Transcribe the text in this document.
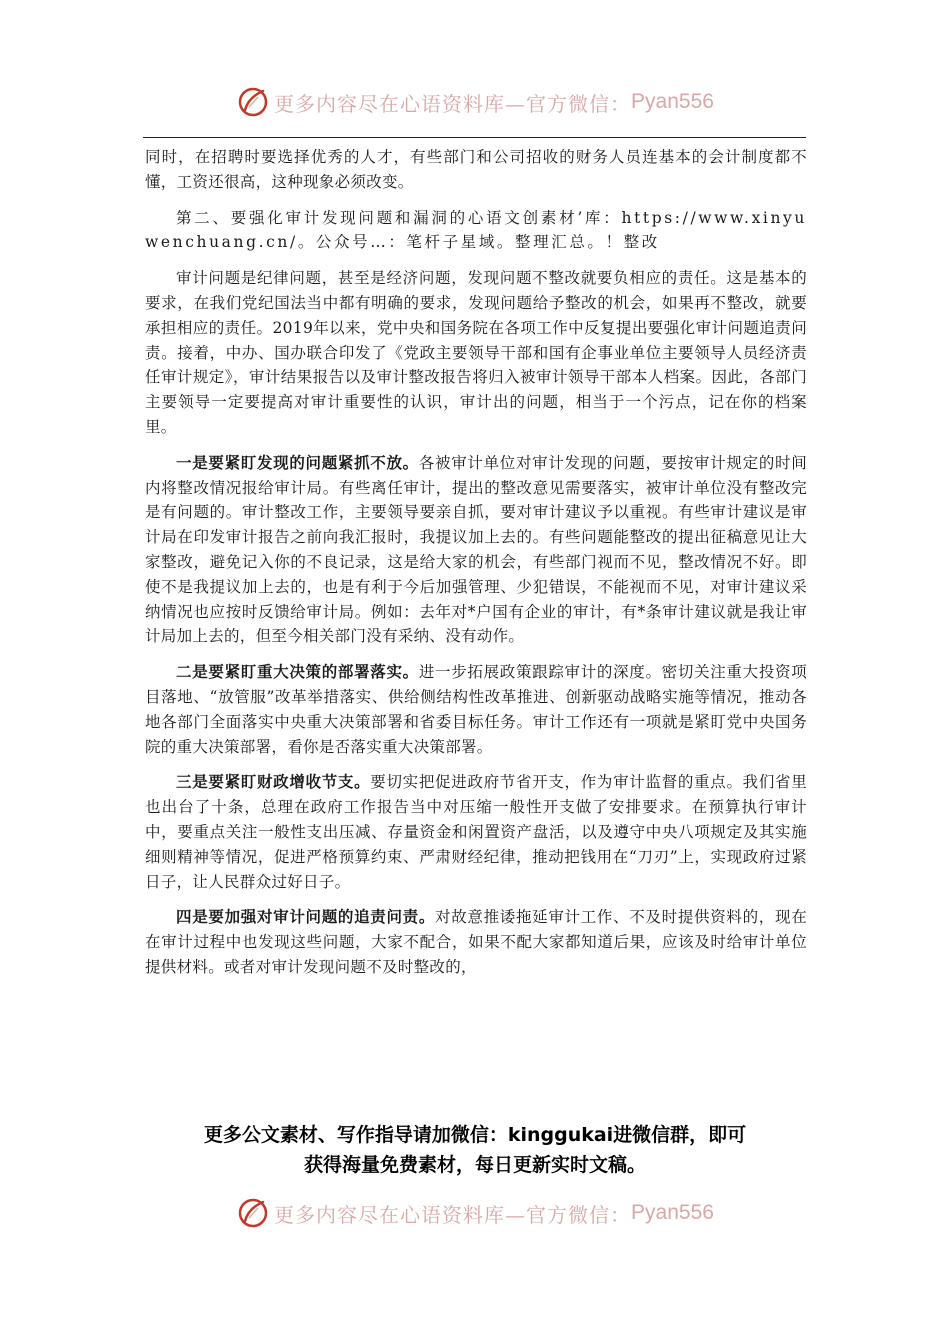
更多内容尽在心语资料库—官方微信： Pyan556

同时，在招聘时要选择优秀的人才，有些部门和公司招收的财务人员连基本的会计制度都不懂，工资还很高，这种现象必须改变。

第二、要强化审计发现问题和漏洞的心语文创素材’库：https://www.xinyuwenchuang.cn/。公众号…：笔杆子星域。整理汇总。！整改

审计问题是纪律问题，甚至是经济问题，发现问题不整改就要负相应的责任。这是基本的要求，在我们党纪国法当中都有明确的要求，发现问题给予整改的机会，如果再不整改，就要承担相应的责任。2019年以来，党中央和国务院在各项工作中反复提出要强化审计问题追责问责。接着，中办、国办联合印发了《党政主要领导干部和国有企事业单位主要领导人员经济责任审计规定》，审计结果报告以及审计整改报告将归入被审计领导干部本人档案。因此，各部门主要领导一定要提高对审计重要性的认识，审计出的问题，相当于一个污点，记在你的档案里。

一是要紧盯发现的问题紧抓不放。各被审计单位对审计发现的问题，要按审计规定的时间内将整改情况报给审计局。有些离任审计，提出的整改意见需要落实，被审计单位没有整改完是有问题的。审计整改工作，主要领导要亲自抓，要对审计建议予以重视。有些审计建议是审计局在印发审计报告之前向我汇报时，我提议加上去的。有些问题能整改的提出征稿意见让大家整改，避免记入你的不良记录，这是给大家的机会，有些部门视而不见，整改情况不好。即使不是我提议加上去的，也是有利于今后加强管理、少犯错误，不能视而不见，对审计建议采纳情况也应按时反馈给审计局。例如：去年对*户国有企业的审计，有*条审计建议就是我让审计局加上去的，但至今相关部门没有采纳、没有动作。

二是要紧盯重大决策的部署落实。进一步拓展政策跟踪审计的深度。密切关注重大投资项目落地、“放管服”改革举措落实、供给侧结构性改革推进、创新驱动战略实施等情况，推动各地各部门全面落实中央重大决策部署和省委目标任务。审计工作还有一项就是紧盯党中央国务院的重大决策部署，看你是否落实重大决策部署。

三是要紧盯财政增收节支。要切实把促进政府节省开支，作为审计监督的重点。我们省里也出台了十条，总理在政府工作报告当中对压缩一般性开支做了安排要求。在预算执行审计中，要重点关注一般性支出压减、存量资金和闲置资产盘活，以及遵守中央八项规定及其实施细则精神等情况，促进严格预算约束、严肃财经纪律，推动把钱用在“刀刃”上，实现政府过紧日子，让人民群众过好日子。

四是要加强对审计问题的追责问责。对故意推诿拖延审计工作、不及时提供资料的，现在在审计过程中也发现这些问题，大家不配合，如果不配大家都知道后果，应该及时给审计单位提供材料。或者对审计发现问题不及时整改的，

更多公文素材、写作指导请加微信：kinggukai进微信群，即可
获得海量免费素材，每日更新实时文稿。
更多内容尽在心语资料库—官方微信： Pyan556
